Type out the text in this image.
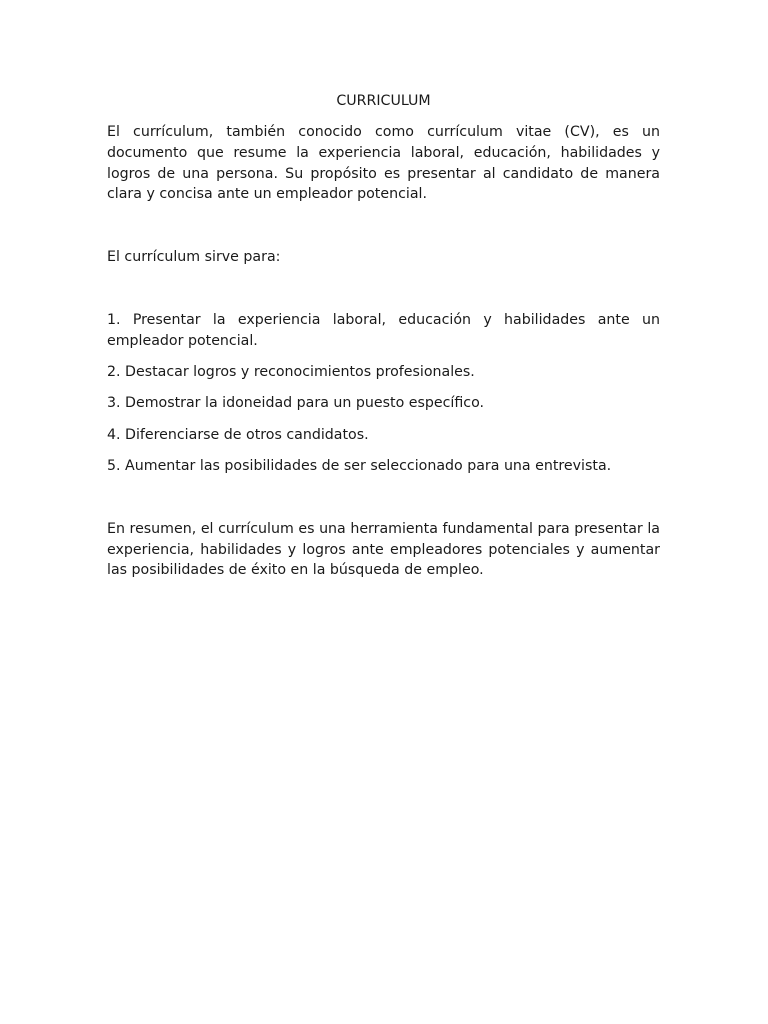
CURRICULUM

El currículum, también conocido como currículum vitae (CV), es un documento que resume la experiencia laboral, educación, habilidades y logros de una persona. Su propósito es presentar al candidato de manera clara y concisa ante un empleador potencial.

El currículum sirve para:

1. Presentar la experiencia laboral, educación y habilidades ante un empleador potencial.

2. Destacar logros y reconocimientos profesionales.

3. Demostrar la idoneidad para un puesto específico.

4. Diferenciarse de otros candidatos.

5. Aumentar las posibilidades de ser seleccionado para una entrevista.

En resumen, el currículum es una herramienta fundamental para presentar la experiencia, habilidades y logros ante empleadores potenciales y aumentar las posibilidades de éxito en la búsqueda de empleo.
